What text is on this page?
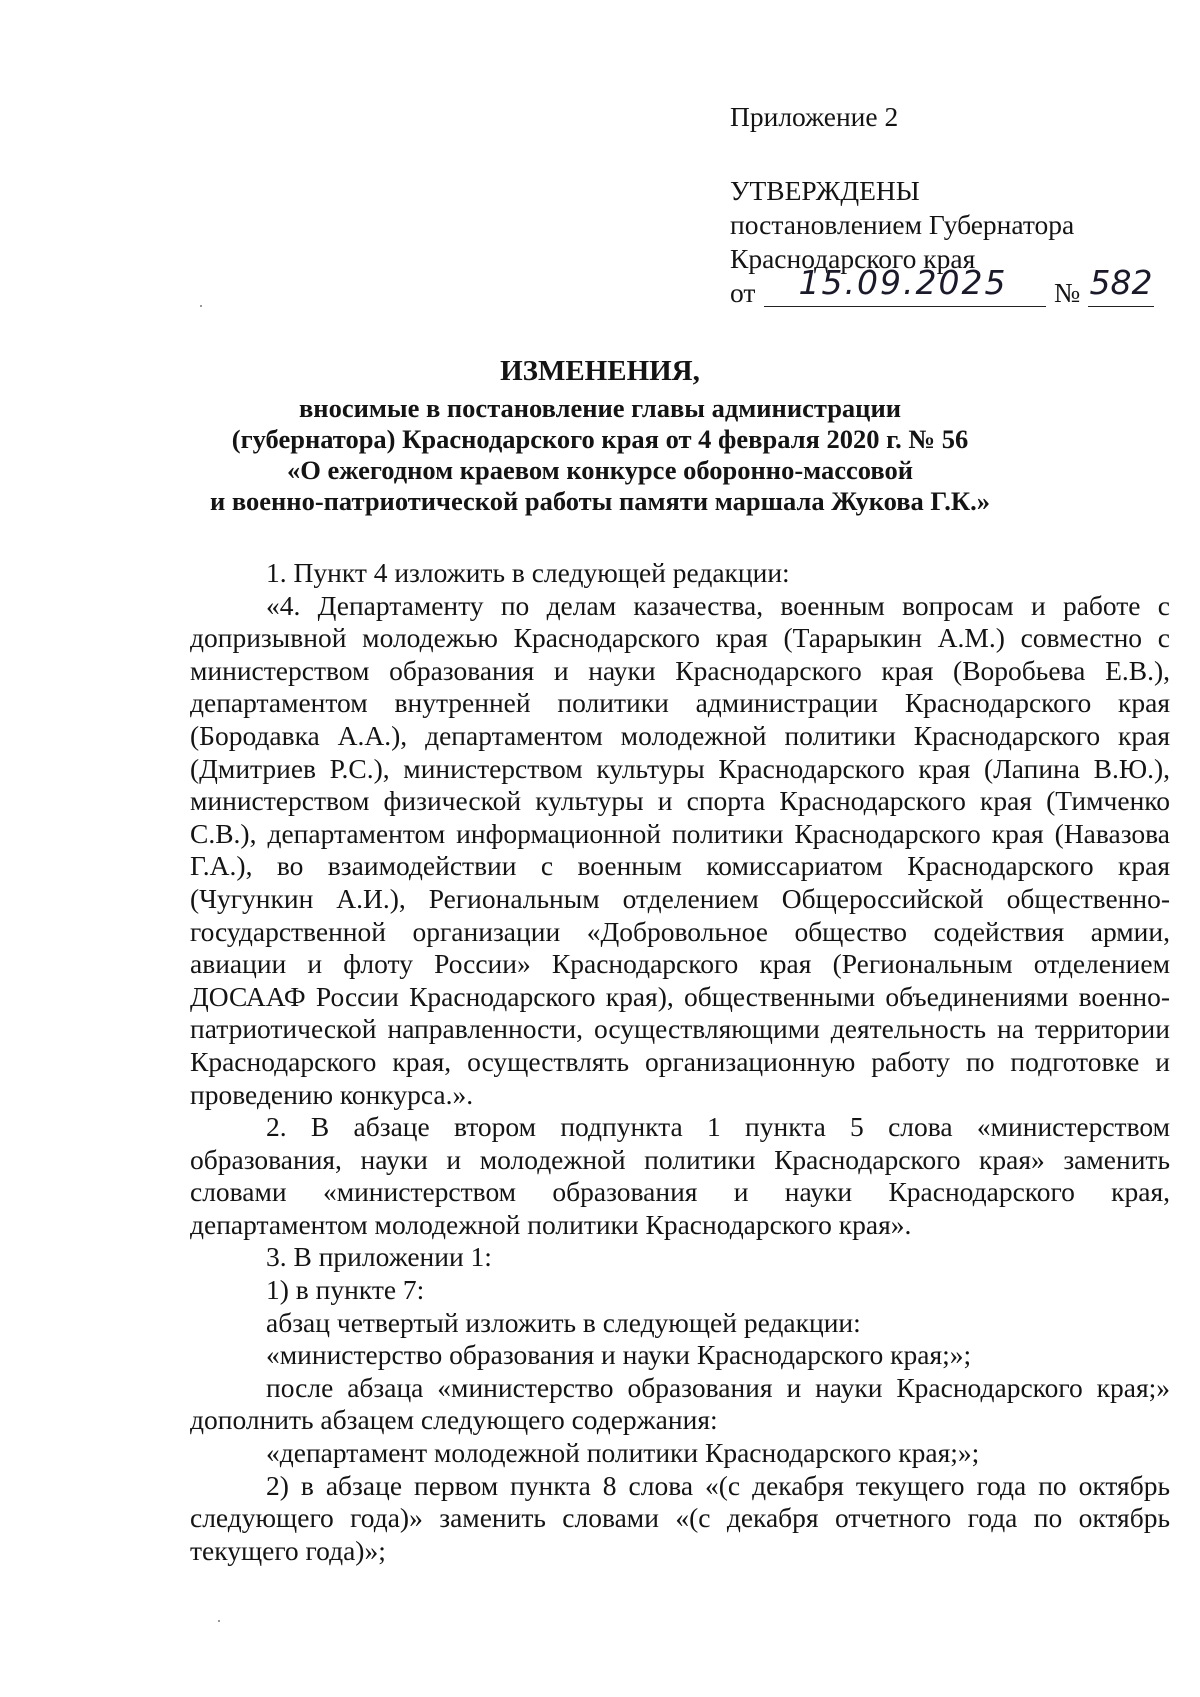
Приложение 2
УТВЕРЖДЕНЫ
постановлением Губернатора
Краснодарского края
от	15.09.2025	№ 582
ИЗМЕНЕНИЯ,
вносимые в постановление главы администрации
(губернатора) Краснодарского края от 4 февраля 2020 г. № 56
«О ежегодном краевом конкурсе оборонно-массовой
и военно-патриотической работы памяти маршала Жукова Г.К.»

1. Пункт 4 изложить в следующей редакции:

«4. Департаменту по делам казачества, военным вопросам и работе с допризывной молодежью Краснодарского края (Тарарыкин А.М.) совместно с министерством образования и науки Краснодарского края (Воробьева Е.В.), департаментом внутренней политики администрации Краснодарского края (Бородавка А.А.), департаментом молодежной политики Краснодарского края (Дмитриев Р.С.), министерством культуры Краснодарского края (Лапина В.Ю.), министерством физической культуры и спорта Краснодарского края (Тимченко С.В.), департаментом информационной политики Краснодарского края (Навазова Г.А.), во взаимодействии с военным комиссариатом Краснодарского края (Чугункин А.И.), Региональным отделением Общероссийской общественно-государственной организации «Добровольное общество содействия армии, авиации и флоту России» Краснодарского края (Региональным отделением ДОСААФ России Краснодарского края), общественными объединениями военно-патриотической направленности, осуществляющими деятельность на территории Краснодарского края, осуществлять организационную работу по подготовке и проведению конкурса.».

2. В абзаце втором подпункта 1 пункта 5 слова «министерством образования, науки и молодежной политики Краснодарского края» заменить словами «министерством образования и науки Краснодарского края, департаментом молодежной политики Краснодарского края».

3. В приложении 1:

1) в пункте 7:

абзац четвертый изложить в следующей редакции:

«министерство образования и науки Краснодарского края;»;

после абзаца «министерство образования и науки Краснодарского края;» дополнить абзацем следующего содержания:

«департамент молодежной политики Краснодарского края;»;

2) в абзаце первом пункта 8 слова «(с декабря текущего года по октябрь следующего года)» заменить словами «(с декабря отчетного года по октябрь текущего года)»;
